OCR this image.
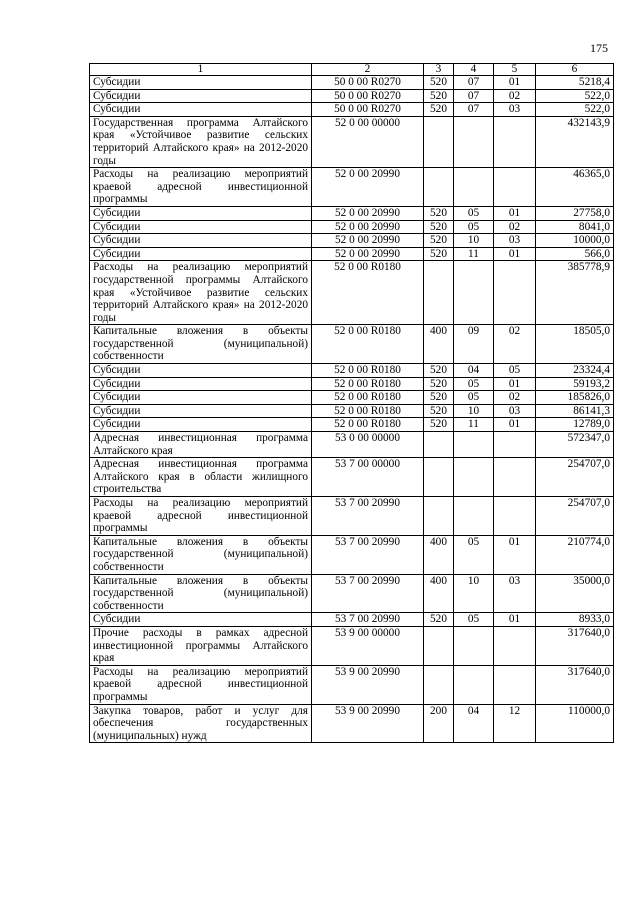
175
1	2	3	4	5	6
Субсидии	50 0 00 R0270	520	07	01	5218,4
Субсидии	50 0 00 R0270	520	07	02	522,0
Субсидии	50 0 00 R0270	520	07	03	522,0
Государственная программа Алтайского края «Устойчивое развитие сельских территорий Алтайского края» на 2012-2020 годы	52 0 00 00000				432143,9
Расходы на реализацию мероприятий краевой адресной инвестиционной программы	52 0 00 20990				46365,0
Субсидии	52 0 00 20990	520	05	01	27758,0
Субсидии	52 0 00 20990	520	05	02	8041,0
Субсидии	52 0 00 20990	520	10	03	10000,0
Субсидии	52 0 00 20990	520	11	01	566,0
Расходы на реализацию мероприятий государственной программы Алтайского края «Устойчивое развитие сельских территорий Алтайского края» на 2012-2020 годы	52 0 00 R0180				385778,9
Капитальные вложения в объекты государственной (муниципальной) собственности	52 0 00 R0180	400	09	02	18505,0
Субсидии	52 0 00 R0180	520	04	05	23324,4
Субсидии	52 0 00 R0180	520	05	01	59193,2
Субсидии	52 0 00 R0180	520	05	02	185826,0
Субсидии	52 0 00 R0180	520	10	03	86141,3
Субсидии	52 0 00 R0180	520	11	01	12789,0
Адресная инвестиционная программа Алтайского края	53 0 00 00000				572347,0
Адресная инвестиционная программа Алтайского края в области жилищного строительства	53 7 00 00000				254707,0
Расходы на реализацию мероприятий краевой адресной инвестиционной программы	53 7 00 20990				254707,0
Капитальные вложения в объекты государственной (муниципальной) собственности	53 7 00 20990	400	05	01	210774,0
Капитальные вложения в объекты государственной (муниципальной) собственности	53 7 00 20990	400	10	03	35000,0
Субсидии	53 7 00 20990	520	05	01	8933,0
Прочие расходы в рамках адресной инвестиционной программы Алтайского края	53 9 00 00000				317640,0
Расходы на реализацию мероприятий краевой адресной инвестиционной программы	53 9 00 20990				317640,0
Закупка товаров, работ и услуг для обеспечения государственных (муниципальных) нужд	53 9 00 20990	200	04	12	110000,0
